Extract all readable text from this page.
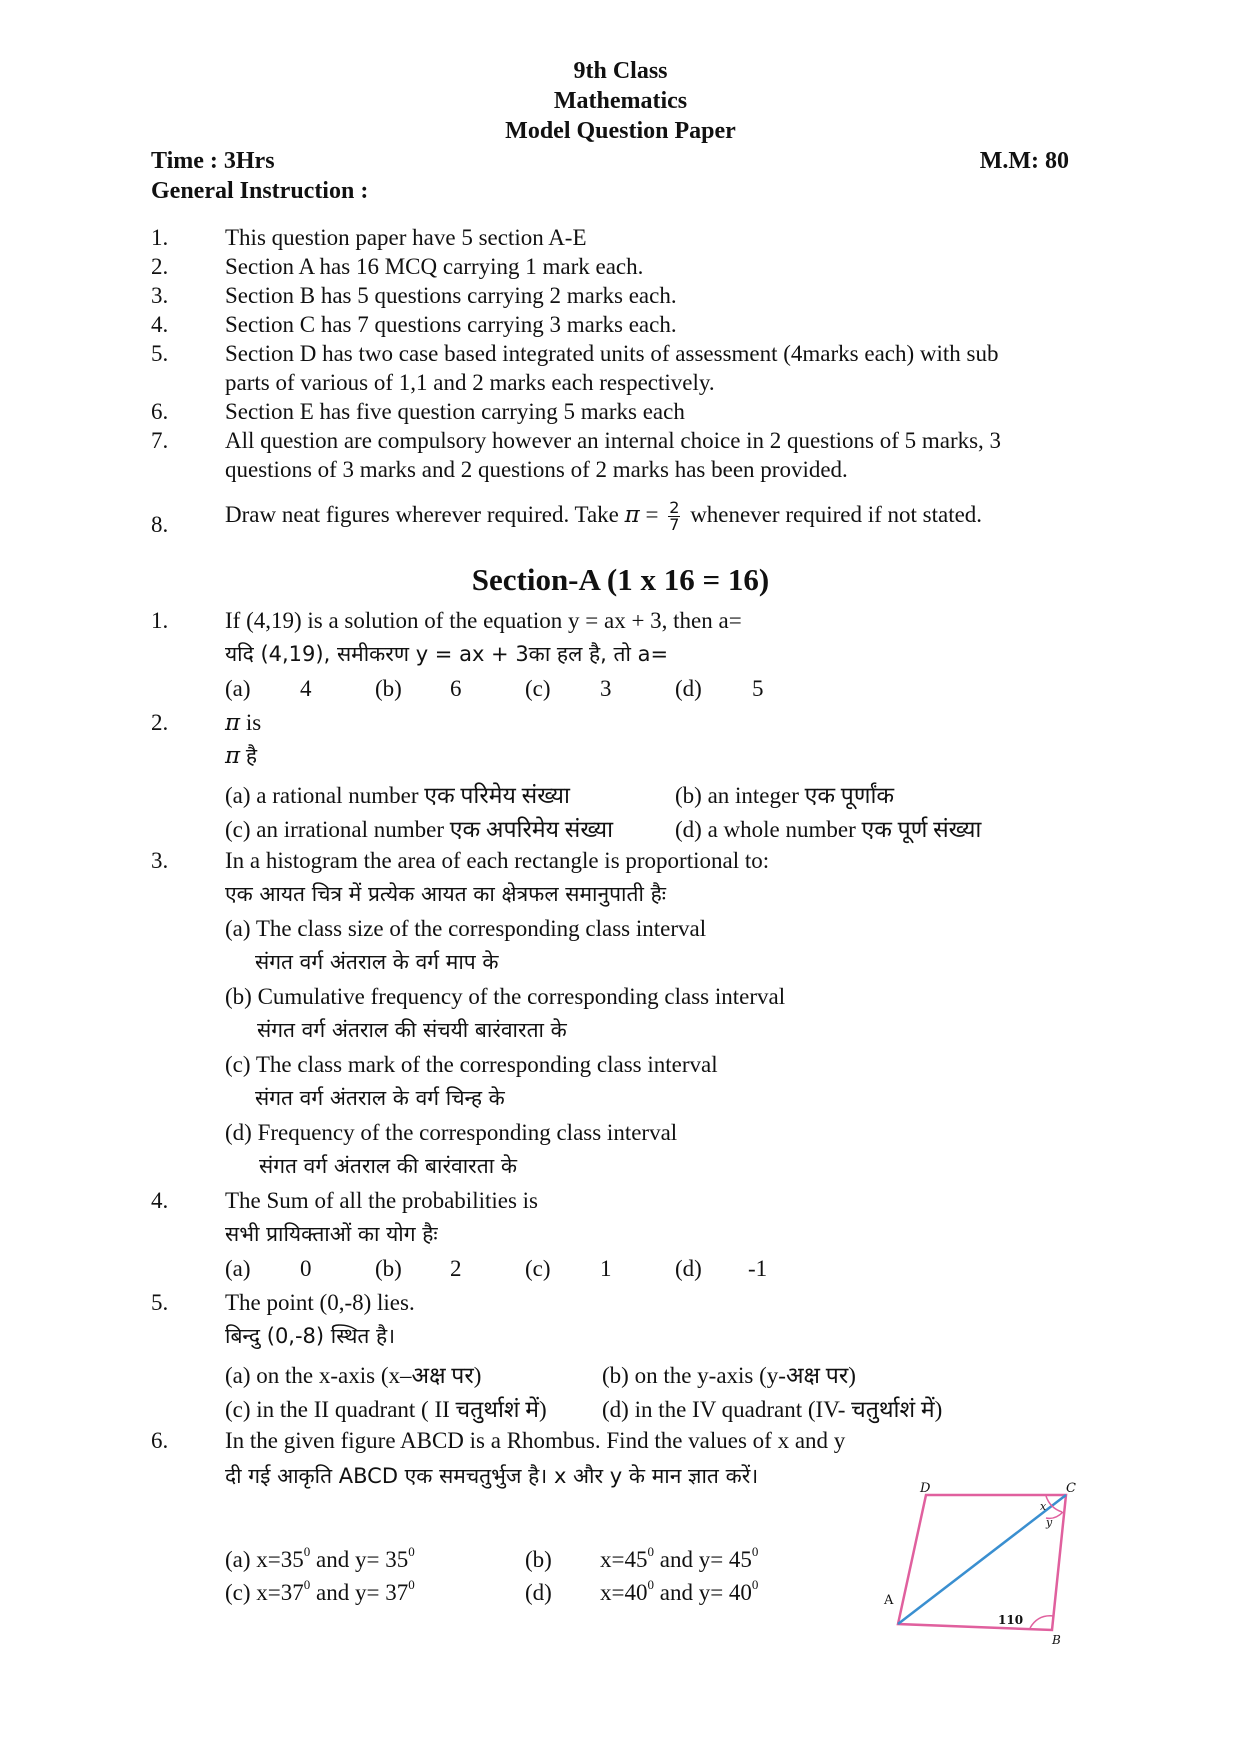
9th Class
Mathematics
Model Question Paper
Time : 3Hrs	M.M: 80
General Instruction :
1. This question paper have 5 section A-E
2. Section A has 16 MCQ carrying 1 mark each.
3. Section B has 5 questions carrying 2 marks each.
4. Section C has 7 questions carrying 3 marks each.
5. Section D has two case based integrated units of assessment (4marks each) with sub
parts of various of 1,1 and 2 marks each respectively.
6. Section E has five question carrying 5 marks each
7. All question are compulsory however an internal choice in 2 questions of 5 marks, 3
questions of 3 marks and 2 questions of 2 marks has been provided.
8. Draw neat figures wherever required. Take $\pi = \frac{2}{7}$ whenever required if not stated.
Section-A (1 x 16 = 16)
1. If (4,19) is a solution of the equation y = ax + 3, then a=
यदि (4,19), समीकरण y = ax + 3का हल है, तो a=
(a) 4	(b) 6	(c) 3	(d) 5
2. π is
π है
(a) a rational number एक परिमेय संख्या	(b) an integer एक पूर्णांक
(c) an irrational number एक अपरिमेय संख्या	(d) a whole number एक पूर्ण संख्या
3. In a histogram the area of each rectangle is proportional to:
एक आयत चित्र में प्रत्येक आयत का क्षेत्रफल समानुपाती हैः
(a) The class size of the corresponding class interval
संगत वर्ग अंतराल के वर्ग माप के
(b) Cumulative frequency of the corresponding class interval
संगत वर्ग अंतराल की संचयी बारंवारता के
(c) The class mark of the corresponding class interval
संगत वर्ग अंतराल के वर्ग चिन्ह के
(d) Frequency of the corresponding class interval
संगत वर्ग अंतराल की बारंवारता के
4. The Sum of all the probabilities is
सभी प्रायिक्ताओं का योग हैः
(a) 0	(b) 2	(c) 1	(d) -1
5. The point (0,-8) lies.
बिन्दु (0,-8) स्थित है।
(a) on the x-axis (x–अक्ष पर)	(b) on the y-axis (y-अक्ष पर)
(c) in the II quadrant ( II चतुर्थाशं में) (d) in the IV quadrant (IV- चतुर्थाशं में)
6. In the given figure ABCD is a Rhombus. Find the values of x and y
दी गई आकृति ABCD एक समचतुर्भुज है। x और y के मान ज्ञात करें।
(a) $x=35^0$ and $y= 35^0$	(b) $x=45^0$ and $y= 45^0$
(c) $x=37^0$ and $y= 37^0$	(d) $x=40^0$ and $y= 40^0$
D	C
A
B
x
y
110
